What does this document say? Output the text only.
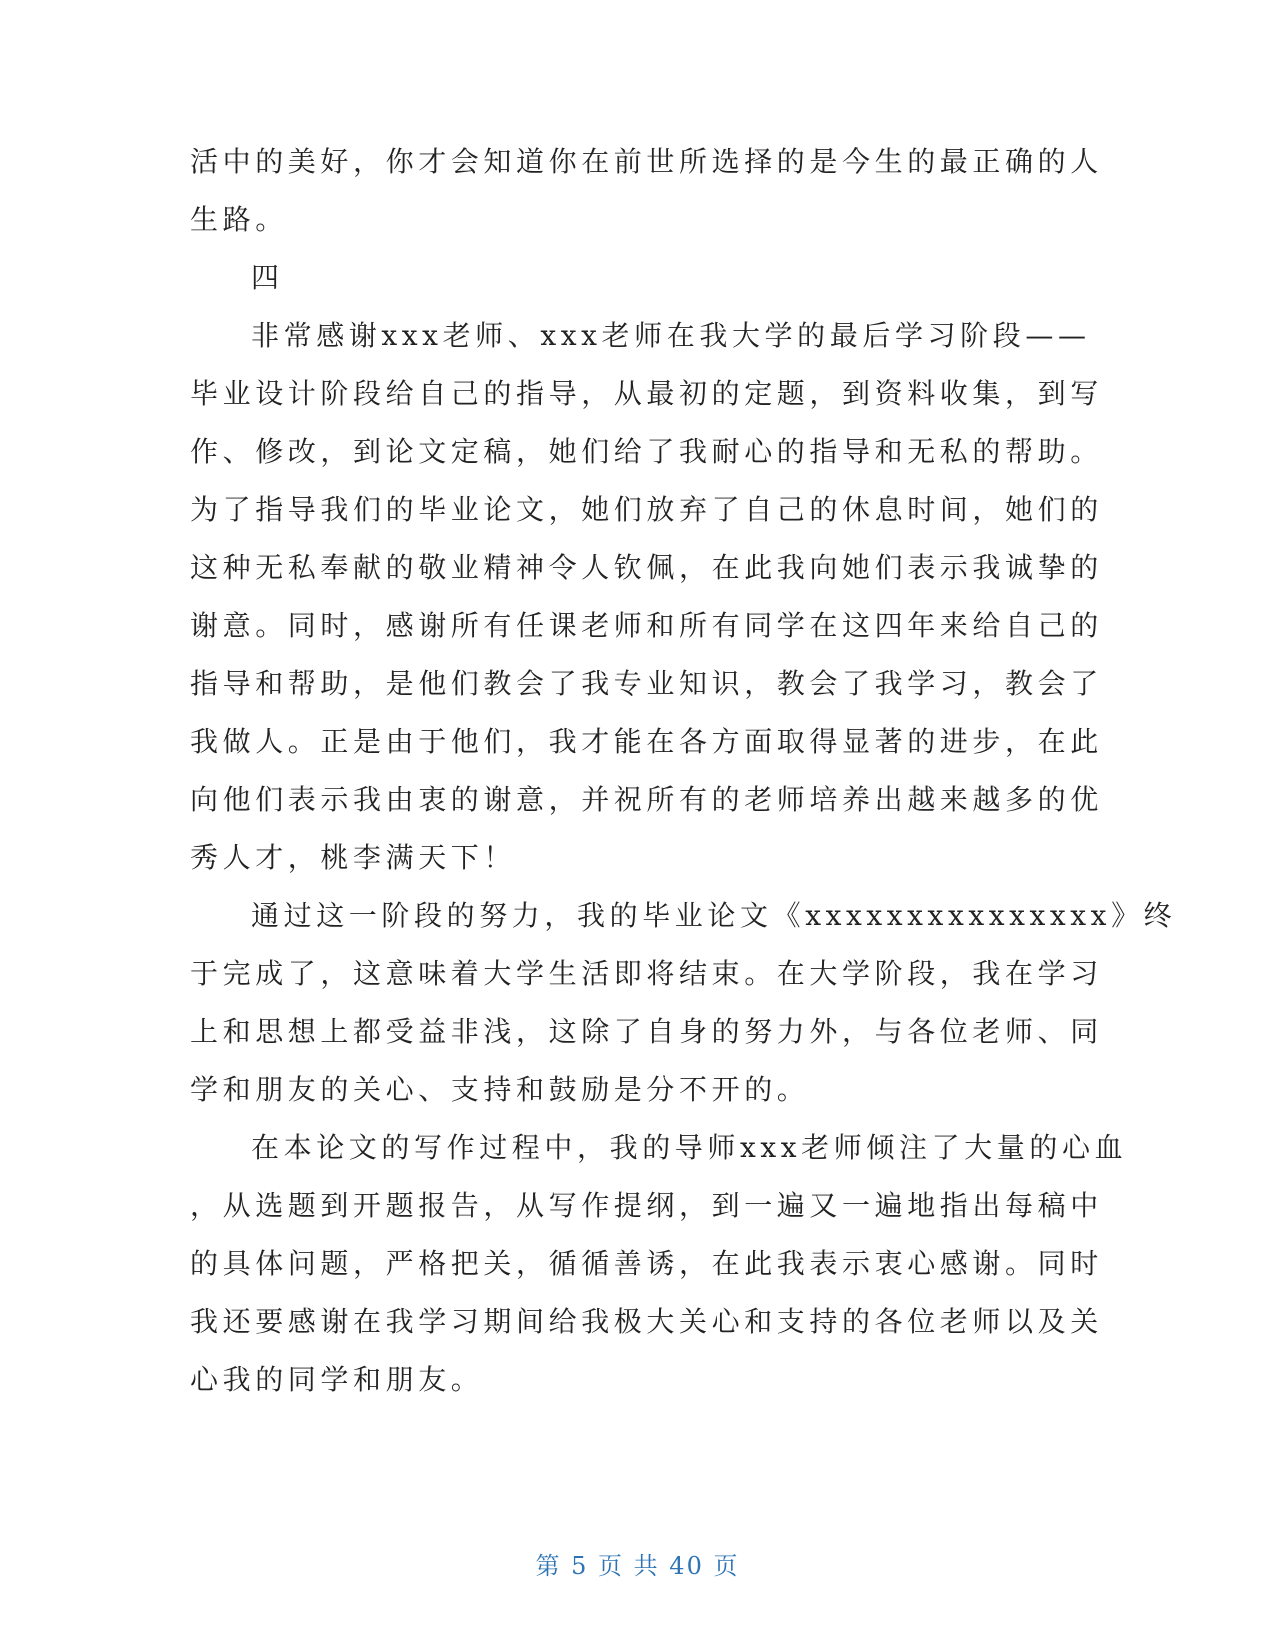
活中的美好，你才会知道你在前世所选择的是今生的最正确的人
生路。
四
非常感谢xxx老师、xxx老师在我大学的最后学习阶段——
毕业设计阶段给自己的指导，从最初的定题，到资料收集，到写
作、修改，到论文定稿，她们给了我耐心的指导和无私的帮助。
为了指导我们的毕业论文，她们放弃了自己的休息时间，她们的
这种无私奉献的敬业精神令人钦佩，在此我向她们表示我诚挚的
谢意。同时，感谢所有任课老师和所有同学在这四年来给自己的
指导和帮助，是他们教会了我专业知识，教会了我学习，教会了
我做人。正是由于他们，我才能在各方面取得显著的进步，在此
向他们表示我由衷的谢意，并祝所有的老师培养出越来越多的优
秀人才，桃李满天下！
通过这一阶段的努力，我的毕业论文《xxxxxxxxxxxxxxx》终
于完成了，这意味着大学生活即将结束。在大学阶段，我在学习
上和思想上都受益非浅，这除了自身的努力外，与各位老师、同
学和朋友的关心、支持和鼓励是分不开的。
在本论文的写作过程中，我的导师xxx老师倾注了大量的心血
，从选题到开题报告，从写作提纲，到一遍又一遍地指出每稿中
的具体问题，严格把关，循循善诱，在此我表示衷心感谢。同时
我还要感谢在我学习期间给我极大关心和支持的各位老师以及关
心我的同学和朋友。
第 5 页 共 40 页
